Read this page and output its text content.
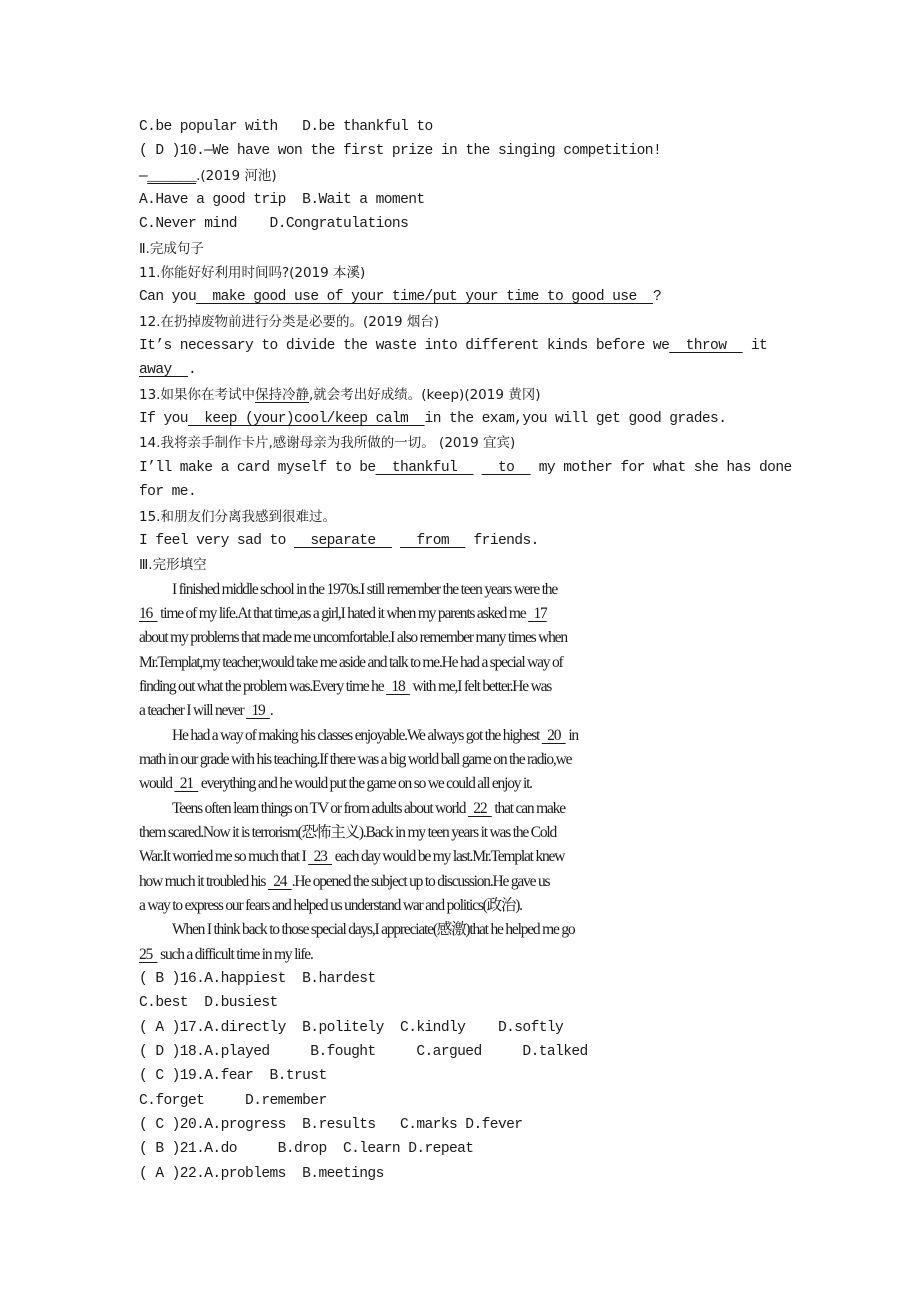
C.be popular with D.be thankful to
( D )10.—We have won the first prize in the singing competition!
—______.(2019 河池)
A.Have a good trip B.Wait a moment
C.Never mind D.Congratulations
Ⅱ.完成句子
11.你能好好利用时间吗?(2019 本溪)
Can you  make good use of your time/put your time to good use  ?
12.在扔掉废物前进行分类是必要的。(2019 烟台)
It’s necessary to divide the waste into different kinds before we  throw   it
away  .
13.如果你在考试中保持冷静,就会考出好成绩。(keep)(2019 黄冈)
If you  keep (your)cool/keep calm  in the exam,you will get good grades.
14.我将亲手制作卡片,感谢母亲为我所做的一切。 (2019 宜宾)
I’ll make a card myself to be  thankful     to   my mother for what she has done
for me.
15.和朋友们分离我感到很难过。
I feel very sad to   separate     from   friends.
Ⅲ.完形填空
I finished middle school in the 1970s.I still remember the teen years were the
16   time of my life.At that time,as a girl,I hated it when my parents asked me   17
about my problems that made me uncomfortable.I also remember many times when
Mr.Templat,my teacher,would take me aside and talk to me.He had a special way of
finding out what the problem was.Every time he   18   with me,I felt better.He was
a teacher I will never   19  .
He had a way of making his classes enjoyable.We always got the highest   20   in
math in our grade with his teaching.If there was a big world ball game on the radio,we
would   21   everything and he would put the game on so we could all enjoy it.
Teens often learn things on TV or from adults about world   22   that can make
them scared.Now it is terrorism(恐怖主义).Back in my teen years it was the Cold
War.It worried me so much that I   23   each day would be my last.Mr.Templat knew
how much it troubled his   24  .He opened the subject up to discussion.He gave us
a way to express our fears and helped us understand war and politics(政治).
When I think back to those special days,I appreciate(感激)that he helped me go
25   such a difficult time in my life.
( B )16.A.happiest  B.hardest
C.best  D.busiest
( A )17.A.directly  B.politely  C.kindly    D.softly
( D )18.A.played     B.fought     C.argued     D.talked
( C )19.A.fear  B.trust
C.forget     D.remember
( C )20.A.progress  B.results   C.marks D.fever
( B )21.A.do     B.drop  C.learn D.repeat
( A )22.A.problems  B.meetings
